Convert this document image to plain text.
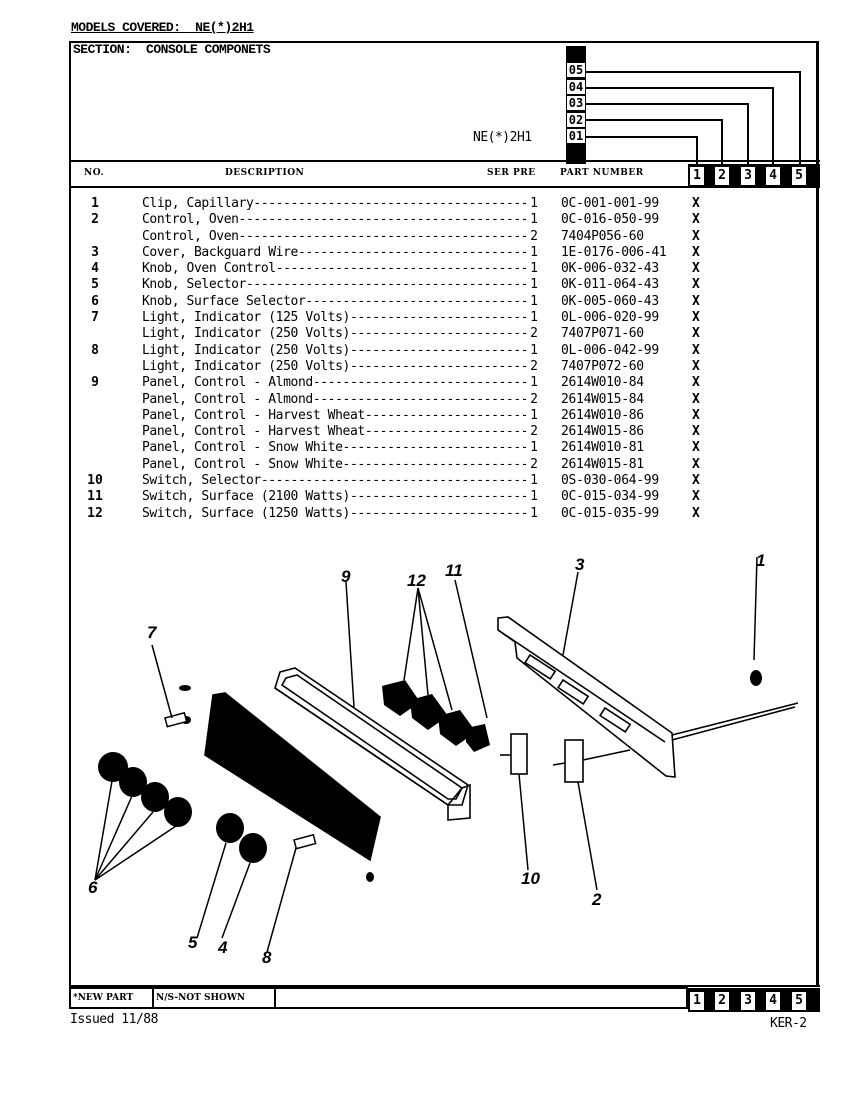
MODELS COVERED: NE(*)2H1
SECTION: CONSOLE COMPONETS
05
04
03
02
01
NE(*)2H1
NO.	DESCRIPTION	SER PRE	PART NUMBER	1	2	3	4	5
1	Clip, Capillary -----	1 0C-001-001-99	X
2	Control, Oven -----	1 0C-016-050-99	X
Control, Oven -----	2 7404P056-60	X
3	Cover, Backguard Wire -----	1 1E-0176-006-41 X
4	Knob, Oven Control -----	1 0K-006-032-43	X
5	Knob, Selector -----	1 0K-011-064-43	X
6	Knob, Surface Selector -----	1 0K-005-060-43	X
7	Light, Indicator (125 Volts) -----	1 0L-006-020-99	X
Light, Indicator (250 Volts) -----	2 7407P071-60	X
8	Light, Indicator (250 Volts) -----	1 0L-006-042-99	X
Light, Indicator (250 Volts) -----	2 7407P072-60	X
9	Panel, Control - Almond -----	1 2614W010-84	X
Panel, Control - Almond -----	2 2614W015-84	X
Panel, Control - Harvest Wheat -----	1 2614W010-86	X
Panel, Control - Harvest Wheat -----	2 2614W015-86	X
Panel, Control - Snow White -----	1 2614W010-81	X
Panel, Control - Snow White -----	2 2614W015-81	X
10	Switch, Selector -----	1 0S-030-064-99	X
11	Switch, Surface (2100 Watts) -----	1 0C-015-034-99	X
12	Switch, Surface (1250 Watts) -----	1 0C-015-035-99	X
1
2
3
4
5
6
7
8
9
10
11
12
*NEW PART	N/S-NOT SHOWN	1	2	3	4	5
Issued 11/88	KER-2
